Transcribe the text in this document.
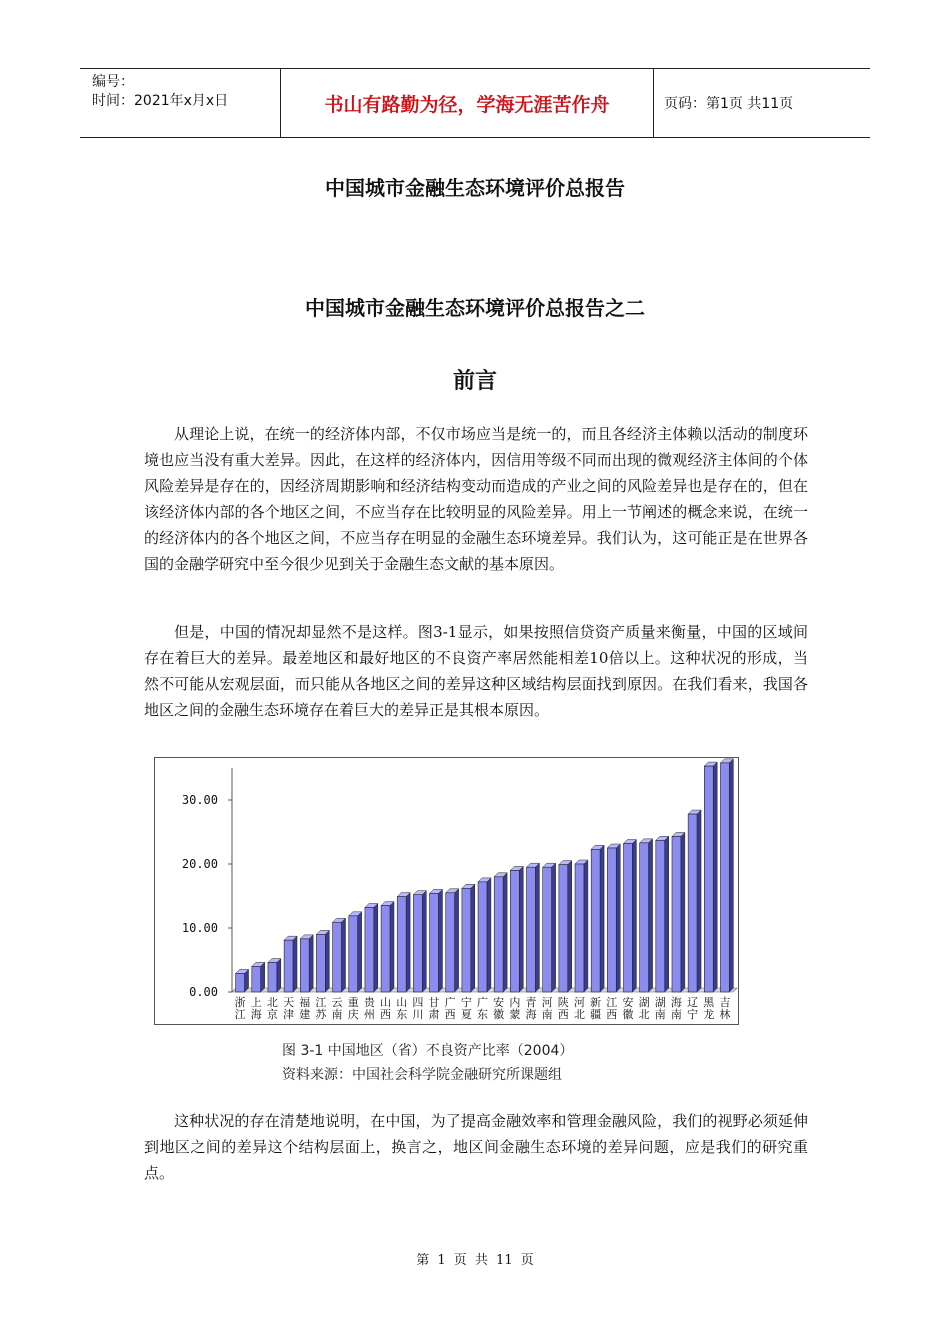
编号：
时间：2021年x月x日	书山有路勤为径，学海无涯苦作舟	页码：第1页 共11页
中国城市金融生态环境评价总报告
中国城市金融生态环境评价总报告之二
前言

从理论上说，在统一的经济体内部，不仅市场应当是统一的，而且各经济主体赖以活动的制度环境也应当没有重大差异。因此，在这样的经济体内，因信用等级不同而出现的微观经济主体间的个体风险差异是存在的，因经济周期影响和经济结构变动而造成的产业之间的风险差异也是存在的，但在该经济体内部的各个地区之间，不应当存在比较明显的风险差异。用上一节阐述的概念来说，在统一的经济体内的各个地区之间，不应当存在明显的金融生态环境差异。我们认为，这可能正是在世界各国的金融学研究中至今很少见到关于金融生态文献的基本原因。

但是，中国的情况却显然不是这样。图3-1显示，如果按照信贷资产质量来衡量，中国的区域间存在着巨大的差异。最差地区和最好地区的不良资产率居然能相差10倍以上。这种状况的形成，当然不可能从宏观层面，而只能从各地区之间的差异这种区域结构层面找到原因。在我们看来，我国各地区之间的金融生态环境存在着巨大的差异正是其根本原因。

0.00
10.00
20.00
30.00
浙
江
上
海
北
京
天
津
福
建
江
苏
云
南
重
庆
贵
州
山
西
山
东
四
川
甘
肃
广
西
宁
夏
广
东
安
徽
内
蒙
青
海
河
南
陕
西
河
北
新
疆
江
西
安
徽
湖
北
湖
南
海
南
辽
宁
黑
龙
吉
林
图 3-1 中国地区（省）不良资产比率（2004）
资料来源：中国社会科学院金融研究所课题组

这种状况的存在清楚地说明，在中国，为了提高金融效率和管理金融风险，我们的视野必须延伸到地区之间的差异这个结构层面上，换言之，地区间金融生态环境的差异问题，应是我们的研究重点。

第 1 页 共 11 页
